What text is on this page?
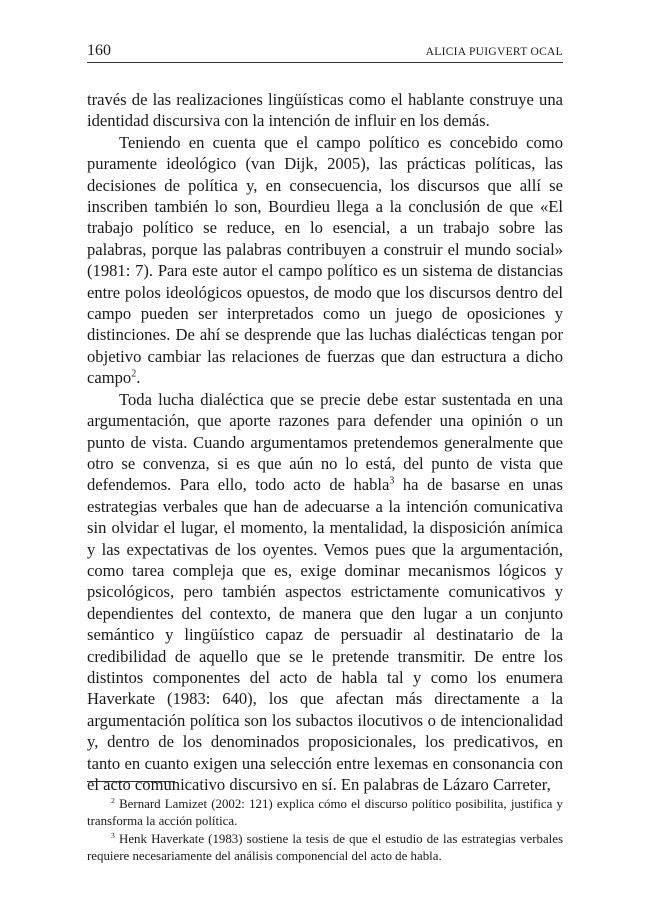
160	ALICIA PUIGVERT OCAL

través de las realizaciones lingüísticas como el hablante construye una identidad discursiva con la intención de influir en los demás.

Teniendo en cuenta que el campo político es concebido como puramente ideológico (van Dijk, 2005), las prácticas políticas, las decisiones de política y, en consecuencia, los discursos que allí se inscriben también lo son, Bourdieu llega a la conclusión de que «El trabajo político se reduce, en lo esencial, a un trabajo sobre las palabras, porque las palabras contribuyen a construir el mundo social» (1981: 7). Para este autor el campo político es un sistema de distancias entre polos ideológicos opuestos, de modo que los discursos dentro del campo pueden ser interpretados como un juego de oposiciones y distinciones. De ahí se desprende que las luchas dialécticas tengan por objetivo cambiar las relaciones de fuerzas que dan estructura a dicho campo$^2$.

Toda lucha dialéctica que se precie debe estar sustentada en una argumentación, que aporte razones para defender una opinión o un punto de vista. Cuando argumentamos pretendemos generalmente que otro se convenza, si es que aún no lo está, del punto de vista que defendemos. Para ello, todo acto de habla$^3$ ha de basarse en unas estrategias verbales que han de adecuarse a la intención comunicativa sin olvidar el lugar, el momento, la mentalidad, la disposición anímica y las expectativas de los oyentes. Vemos pues que la argumentación, como tarea compleja que es, exige dominar mecanismos lógicos y psicológicos, pero también aspectos estrictamente comunicativos y dependientes del contexto, de manera que den lugar a un conjunto semántico y lingüístico capaz de persuadir al destinatario de la credibilidad de aquello que se le pretende transmitir. De entre los distintos componentes del acto de habla tal y como los enumera Haverkate (1983: 640), los que afectan más directamente a la argumentación política son los subactos ilocutivos o de intencionalidad y, dentro de los denominados proposicionales, los predicativos, en tanto en cuanto exigen una selección entre lexemas en consonancia con el acto comunicativo discursivo en sí. En palabras de Lázaro Carreter,

$^2$ Bernard Lamizet (2002: 121) explica cómo el discurso político posibilita, justifica y transforma la acción política.

$^3$ Henk Haverkate (1983) sostiene la tesis de que el estudio de las estrategias verbales requiere necesariamente del análisis componencial del acto de habla.
